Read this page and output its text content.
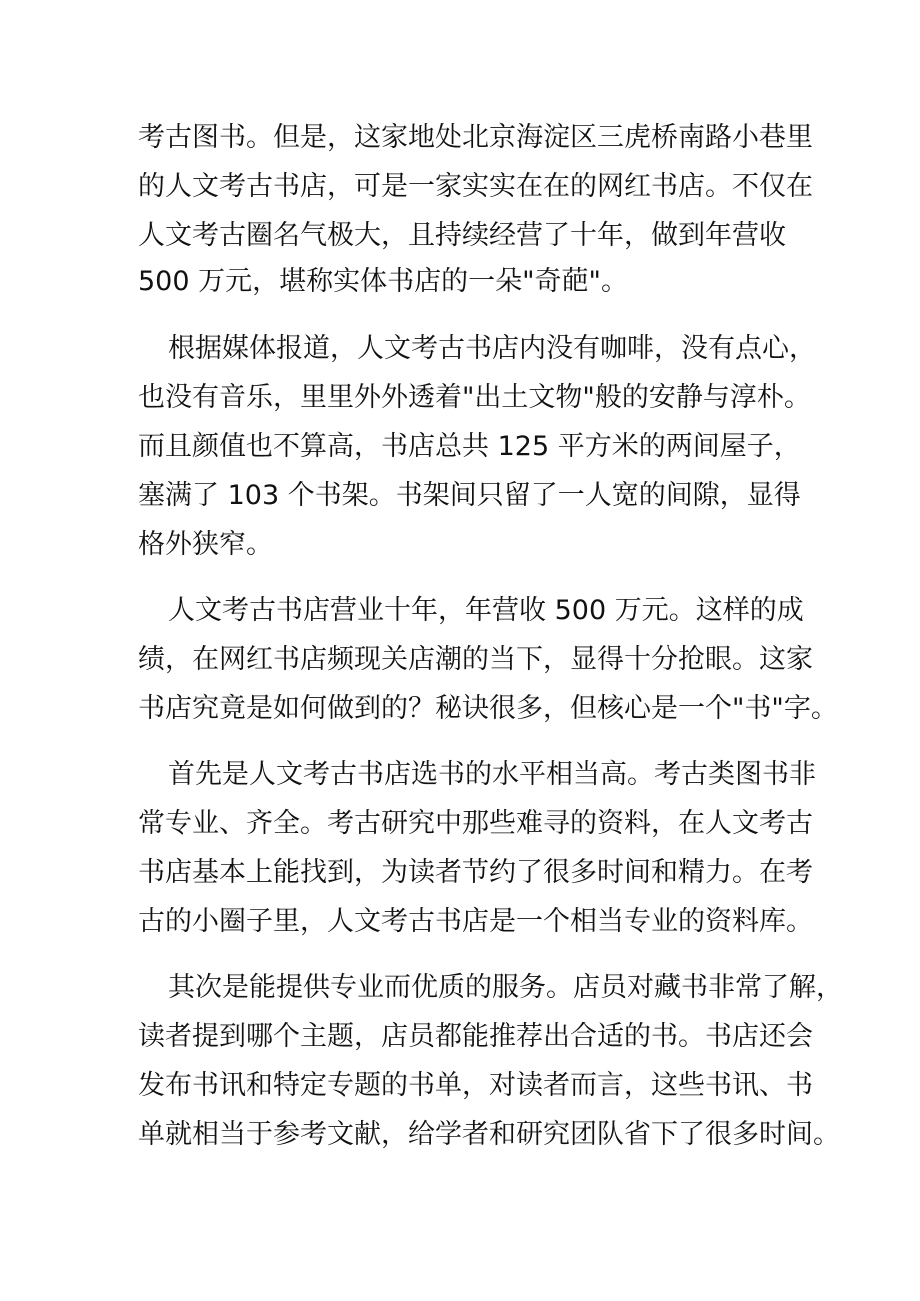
考古图书。但是，这家地处北京海淀区三虎桥南路小巷里
的人文考古书店，可是一家实实在在的网红书店。不仅在
人文考古圈名气极大，且持续经营了十年，做到年营收
500 万元，堪称实体书店的一朵"奇葩"。
根据媒体报道，人文考古书店内没有咖啡，没有点心，
也没有音乐，里里外外透着"出土文物"般的安静与淳朴。
而且颜值也不算高，书店总共 125 平方米的两间屋子，
塞满了 103 个书架。书架间只留了一人宽的间隙，显得
格外狭窄。
人文考古书店营业十年，年营收 500 万元。这样的成
绩，在网红书店频现关店潮的当下，显得十分抢眼。这家
书店究竟是如何做到的？秘诀很多，但核心是一个"书"字。
首先是人文考古书店选书的水平相当高。考古类图书非
常专业、齐全。考古研究中那些难寻的资料，在人文考古
书店基本上能找到，为读者节约了很多时间和精力。在考
古的小圈子里，人文考古书店是一个相当专业的资料库。
其次是能提供专业而优质的服务。店员对藏书非常了解，
读者提到哪个主题，店员都能推荐出合适的书。书店还会
发布书讯和特定专题的书单，对读者而言，这些书讯、书
单就相当于参考文献，给学者和研究团队省下了很多时间。
